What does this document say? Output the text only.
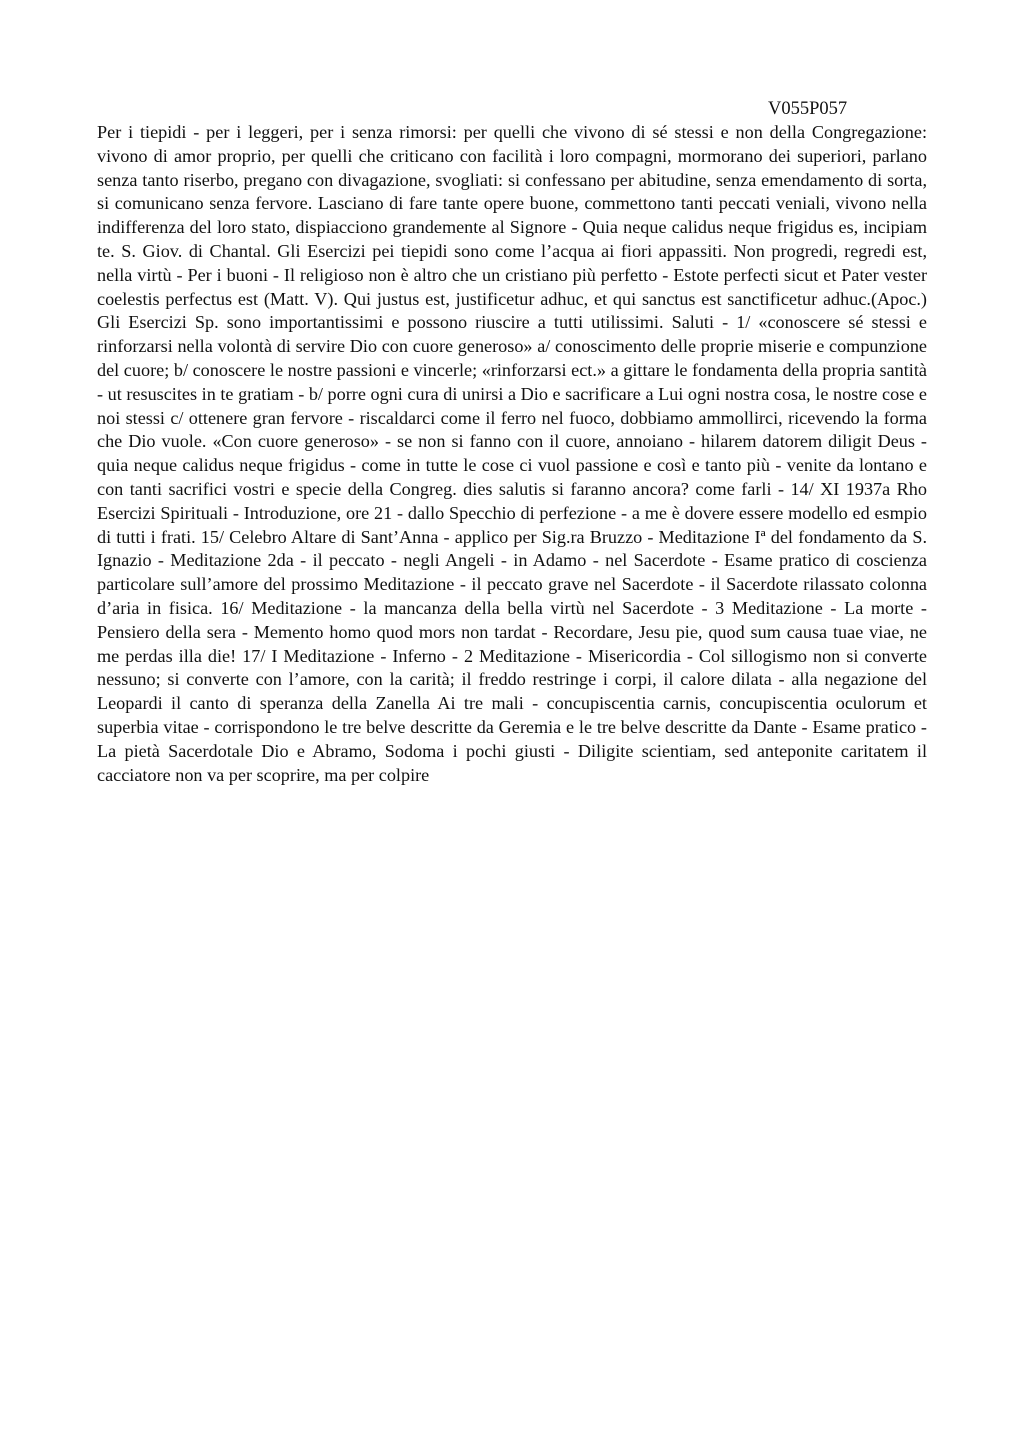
V055P057

Per i tiepidi - per i leggeri, per i senza rimorsi: per quelli che vivono di sé stessi e non della Congregazione: vivono di amor proprio, per quelli che criticano con facilità i loro compagni, mormorano dei superiori, parlano senza tanto riserbo, pregano con divagazione, svogliati: si confessano per abitudine, senza emendamento di sorta, si comunicano senza fervore. Lasciano di fare tante opere buone, commettono tanti peccati veniali, vivono nella indifferenza del loro stato, dispiacciono grandemente al Signore - Quia neque calidus neque frigidus es, incipiam te. S. Giov. di Chantal. Gli Esercizi pei tiepidi sono come l’acqua ai fiori appassiti. Non progredi, regredi est, nella virtù - Per i buoni - Il religioso non è altro che un cristiano più perfetto - Estote perfecti sicut et Pater vester coelestis perfectus est (Matt. V). Qui justus est, justificetur adhuc, et qui sanctus est sanctificetur adhuc.(Apoc.) Gli Esercizi Sp. sono importantissimi e possono riuscire a tutti utilissimi. Saluti - 1/ «conoscere sé stessi e rinforzarsi nella volontà di servire Dio con cuore generoso» a/ conoscimento delle proprie miserie e compunzione del cuore; b/ conoscere le nostre passioni e vincerle; «rinforzarsi ect.» a gittare le fondamenta della propria santità - ut resuscites in te gratiam - b/ porre ogni cura di unirsi a Dio e sacrificare a Lui ogni nostra cosa, le nostre cose e noi stessi c/ ottenere gran fervore - riscaldarci come il ferro nel fuoco, dobbiamo ammollirci, ricevendo la forma che Dio vuole. «Con cuore generoso» - se non si fanno con il cuore, annoiano - hilarem datorem diligit Deus - quia neque calidus neque frigidus - come in tutte le cose ci vuol passione e così e tanto più - venite da lontano e con tanti sacrifici vostri e specie della Congreg. dies salutis si faranno ancora? come farli - 14/ XI 1937a Rho Esercizi Spirituali - Introduzione, ore 21 - dallo Specchio di perfezione - a me è dovere essere modello ed esmpio di tutti i frati. 15/ Celebro Altare di Sant’Anna - applico per Sig.ra Bruzzo - Meditazione Iª del fondamento da S. Ignazio - Meditazione 2da - il peccato - negli Angeli - in Adamo - nel Sacerdote - Esame pratico di coscienza particolare sull’amore del prossimo Meditazione - il peccato grave nel Sacerdote - il Sacerdote rilassato colonna d’aria in fisica. 16/ Meditazione - la mancanza della bella virtù nel Sacerdote - 3 Meditazione - La morte - Pensiero della sera - Memento homo quod mors non tardat - Recordare, Jesu pie, quod sum causa tuae viae, ne me perdas illa die! 17/ I Meditazione - Inferno - 2 Meditazione - Misericordia - Col sillogismo non si converte nessuno; si converte con l’amore, con la carità; il freddo restringe i corpi, il calore dilata - alla negazione del Leopardi il canto di speranza della Zanella Ai tre mali - concupiscentia carnis, concupiscentia oculorum et superbia vitae - corrispondono le tre belve descritte da Geremia e le tre belve descritte da Dante - Esame pratico - La pietà Sacerdotale Dio e Abramo, Sodoma i pochi giusti - Diligite scientiam, sed anteponite caritatem il cacciatore non va per scoprire, ma per colpire
